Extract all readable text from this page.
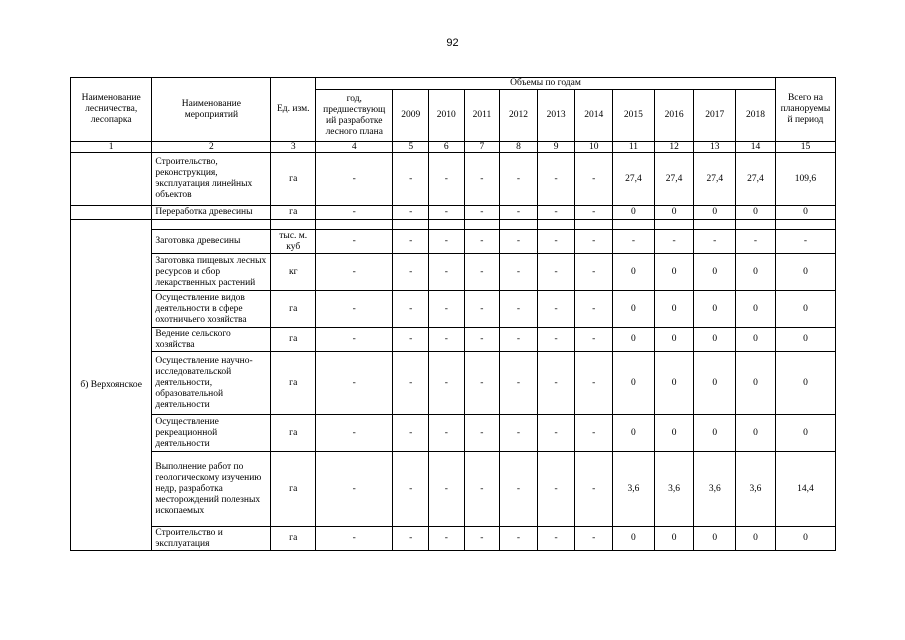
92
Наименование лесничества, лесопарка	Наименование мероприятий	Ед. изм.	Объемы по годам											Всего на планоруемы й период
			год, предшествующ ий разработке лесного плана	2009	2010	2011	2012	2013	2014	2015	2016	2017	2018	
1	2	3	4	5	6	7	8	9	10	11	12	13	14	15
	Строительство, реконструкция, эксплуатация линейных объектов	га	-	-	-	-	-	-	-	27,4	27,4	27,4	27,4	109,6
	Переработка древесины	га	-	-	-	-	-	-	-	0	0	0	0	0
б) Верхоянское														
	Заготовка древесины	тыс. м. куб	-	-	-	-	-	-	-	-	-	-	-	-
	Заготовка пищевых лесных ресурсов и сбор лекарственных растений	кг	-	-	-	-	-	-	-	0	0	0	0	0
	Осуществление видов деятельности в сфере охотничьего хозяйства	га	-	-	-	-	-	-	-	0	0	0	0	0
	Ведение сельского хозяйства	га	-	-	-	-	-	-	-	0	0	0	0	0
	Осуществление научно-исследовательской деятельности, образовательной деятельности	га	-	-	-	-	-	-	-	0	0	0	0	0
	Осуществление рекреационной деятельности	га	-	-	-	-	-	-	-	0	0	0	0	0
	Выполнение работ по геологическому изучению недр, разработка месторождений полезных ископаемых	га	-	-	-	-	-	-	-	3,6	3,6	3,6	3,6	14,4
	Строительство и эксплуатация	га	-	-	-	-	-	-	-	0	0	0	0	0
